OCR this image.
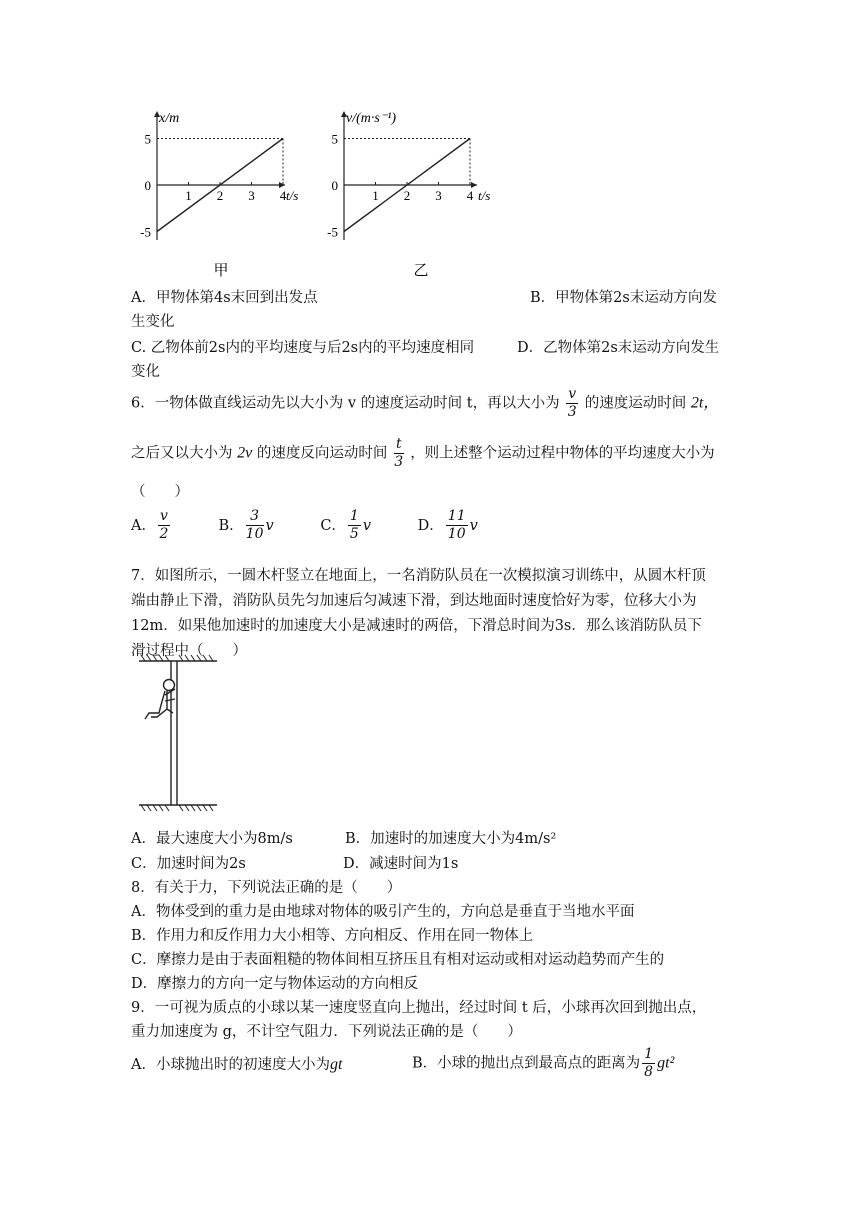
1 2 3 4
5
0
-5
x/m
t/s
甲
1 2 3 4
5
0
-5
v/(m·s⁻¹)
t/s
乙
A．甲物体第4s末回到出发点	B．甲物体第2s末运动方向发
生变化
C. 乙物体前2s内的平均速度与后2s内的平均速度相同	D．乙物体第2s末运动方向发生
变化
6．一物体做直线运动先以大小为 v 的速度运动时间 t，再以大小为 $\frac{v}{3}$ 的速度运动时间 2t，
之后又以大小为 2v 的速度反向运动时间 $\frac{t}{3}$ ，则上述整个运动过程中物体的平均速度大小为
（　　）
A． $\frac{v}{2}$	B． $\frac{3}{10}$ v	C． $\frac{1}{5}$ v	D． $\frac{11}{10}$ v
7．如图所示，一圆木杆竖立在地面上，一名消防队员在一次模拟演习训练中，从圆木杆顶
端由静止下滑，消防队员先匀加速后匀减速下滑，到达地面时速度恰好为零，位移大小为
12m．如果他加速时的加速度大小是减速时的两倍，下滑总时间为3s．那么该消防队员下
滑过程中（　　）
A．最大速度大小为8m/s	B．加速时的加速度大小为4m/s²
C．加速时间为2s	D．减速时间为1s
8．有关于力，下列说法正确的是（　　）
A．物体受到的重力是由地球对物体的吸引产生的，方向总是垂直于当地水平面
B．作用力和反作用力大小相等、方向相反、作用在同一物体上
C．摩擦力是由于表面粗糙的物体间相互挤压且有相对运动或相对运动趋势而产生的
D．摩擦力的方向一定与物体运动的方向相反
9．一可视为质点的小球以某一速度竖直向上抛出，经过时间 t 后，小球再次回到抛出点，
重力加速度为 g，不计空气阻力．下列说法正确的是（　　）
A．小球抛出时的初速度大小为gt	B．小球的抛出点到最高点的距离为 $\frac{1}{8} gt^2$
